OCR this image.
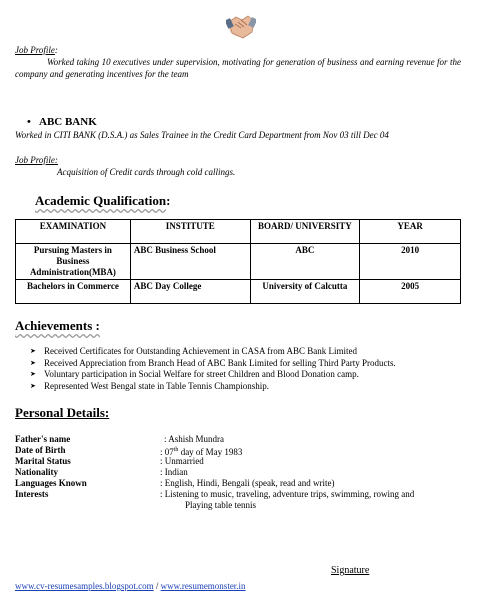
Job Profile:
Worked taking 10 executives under supervision, motivating for generation of business and earning revenue for the company and generating incentives for the team
• ABC BANK
Worked in CITI BANK (D.S.A.) as Sales Trainee in the Credit Card Department from Nov 03 till Dec 04
Job Profile:
Acquisition of Credit cards through cold callings.
Academic Qualification:
EXAMINATION	INSTITUTE	BOARD/ UNIVERSITY	YEAR
Pursuing Masters in Business Administration(MBA)	ABC Business School	ABC	2010
Bachelors in Commerce	ABC Day College	University of Calcutta	2005
Achievements :
➤ Received Certificates for Outstanding Achievement in CASA from ABC Bank Limited
➤ Received Appreciation from Branch Head of ABC Bank Limited for selling Third Party Products.
➤ Voluntary participation in Social Welfare for street Children and Blood Donation camp.
➤ Represented West Bengal state in Table Tennis Championship.
Personal Details:
Father's name	: Ashish Mundra
Date of Birth	: 07th day of May 1983
Marital Status	: Unmarried
Nationality	: Indian
Languages Known	: English, Hindi, Bengali (speak, read and write)
Interests	: Listening to music, traveling, adventure trips, swimming, rowing and
Playing table tennis
Signature
www.cv-resumesamples.blogspot.com / www.resumemonster.in
